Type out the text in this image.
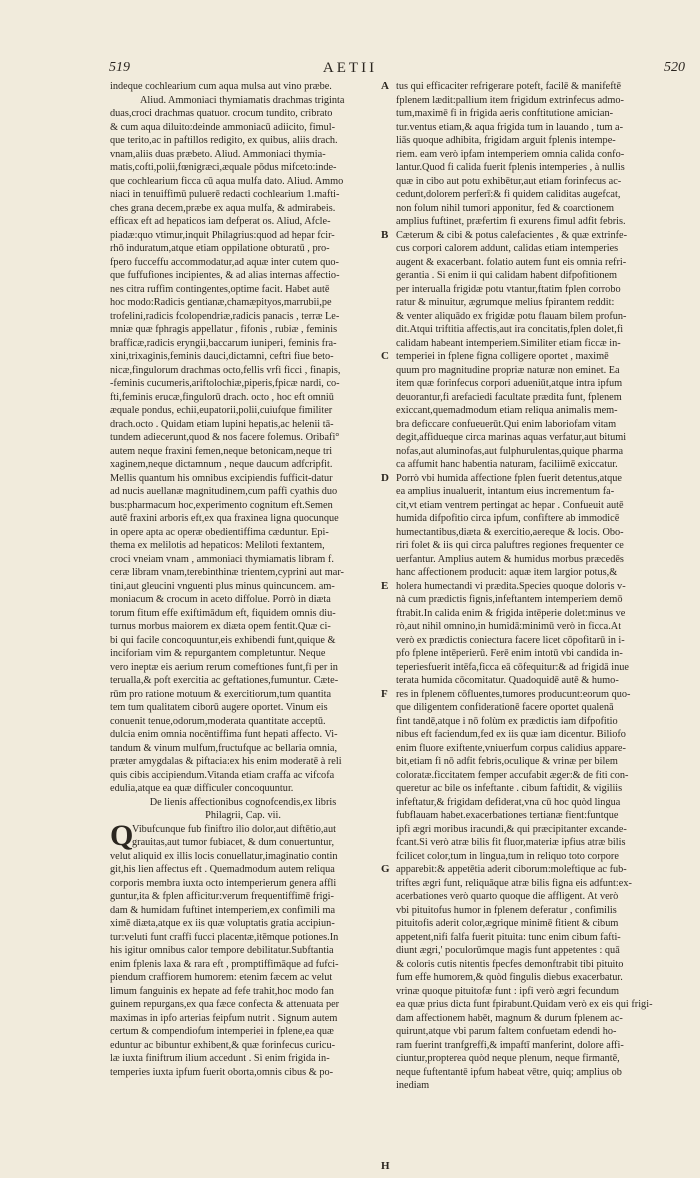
519	AETII	520
indeque cochlearium cum aqua mulsa aut vino præbe.
Aliud. Ammoniaci thymiamatis drachmas triginta
duas,croci drachmas quatuor. crocum tundito, cribrato
& cum aqua diluito:deinde ammoniacū adiicito, fimul-
que terito,ac in paftillos redigito, ex quibus, aliis drach.
vnam,aliis duas præbeto. Aliud. Ammoniaci thymia-
matis,cofti,polii,fœnigræci,æquale pōdus mifceto:inde-
que cochlearium ficca cū aqua mulfa dato. Aliud. Ammo
niaci in tenuiffimū puluerē redacti cochlearium 1.mafti-
ches grana decem,præbe ex aqua mulfa, & admirabeis.
efficax eft ad hepaticos iam defperat os. Aliud, Afcle-
piadæ:quo vtimur,inquit Philagrius:quod ad hepar fcir-
rhō induratum,atque etiam oppilatione obturatū , pro-
fpero fucceffu accommodatur,ad aquæ inter cutem quo-
que fuffufiones incipientes, & ad alias internas affectio-
nes citra ruffim contingentes,optime facit. Habet autē
hoc modo:Radicis gentianæ,chamæpityos,marrubii,pe
trofelini,radicis fcolopendriæ,radicis panacis , terræ Le-
mniæ quæ fphragis appellatur , fifonis , rubiæ , feminis
brafficæ,radicis eryngii,baccarum iuniperi, feminis fra-
xini,trixaginis,feminis dauci,dictamni, ceftri fiue beto-
nicæ,fingulorum drachmas octo,fellis vrfi ficci , finapis,
-feminis cucumeris,ariftolochiæ,piperis,fpicæ nardi, co-
fti,feminis erucæ,fingulorū drach. octo , hoc eft omniū
æquale pondus, echii,eupatorii,polii,cuiufque fimiliter
drach.octo . Quidam etiam lupini hepatis,ac helenii tā-
tundem adiecerunt,quod & nos facere folemus. Oribafi°
autem neque fraxini femen,neque betonicam,neque tri
xaginem,neque dictamnum , neque daucum adfcripfit.
Mellis quantum his omnibus excipiendis fufficit-datur
ad nucis auellanæ magnitudinem,cum paffi cyathis duo
bus:pharmacum hoc,experimento cognitum eft.Semen
autē fraxini arboris eft,ex qua fraxinea ligna quocunque
in opere apta ac operæ obedientiffima cæduntur. Epi-
thema ex melilotis ad hepaticos: Meliloti fextantem,
croci vneiam vnam , ammoniaci thymiamatis libram f.
ceræ libram vnam,terebinthinæ trientem,cyprini aut mar-
tini,aut gleucini vnguenti plus minus quincuncem. am-
moniacum & crocum in aceto diffolue. Porrò in diæta
torum fitum effe exiftimādum eft, fiquidem omnis diu-
turnus morbus maiorem ex diæta opem fentit.Quæ ci-
bi qui facile concoquuntur,eis exhibendi funt,quique &
inciforiam vim & repurgantem completuntur. Neque
vero ineptæ eis aerium rerum comeftiones funt,fi per in
terualla,& poft exercitia ac geftationes,fumuntur. Cæte-
rūm pro ratione motuum & exercitiorum,tum quantita
tem tum qualitatem ciborū augere oportet. Vinum eis
conuenit tenue,odorum,moderata quantitate acceptū.
dulcia enim omnia nocēntiffima funt hepati affecto. Vi-
tandum & vinum mulfum,fructufque ac bellaria omnia,
præter amygdalas & piftacia:ex his enim moderatē à reli
quis cibis accipiendum.Vitanda etiam craffa ac vifcofa
edulia,atque ea quæ difficuler concoquuntur.
De lienis affectionibus cognofcendis,ex libris
Philagrii, Cap. vii.
Vibufcunque fub finiftro ilio dolor,aut diftētio,aut
grauitas,aut tumor fubiacet, & dum conuertuntur,
velut aliquid ex illis locis conuellatur,imaginatio contin
git,his lien affectus eft . Quemadmodum autem reliqua
corporis membra iuxta octo intemperierum genera affli
guntur,ita & fplen afficitur:verum frequentiffimē frigi-
dam & humidam fuftinet intemperiem,ex confimili ma
ximē diæta,atque ex iis quæ voluptatis gratia accipiun-
tur:veluti funt craffi fucci placentæ,itēmque potiones.In
his igitur omnibus calor tempore debilitatur.Subftantia
enim fplenis laxa & rara eft , promptiffimāque ad fufci-
piendum craffiorem humorem: etenim fæcem ac velut
limum fanguinis ex hepate ad fefe trahit,hoc modo fan
guinem repurgans,ex qua fæce confecta & attenuata per
maximas in ipfo arterias feipfum nutrit . Signum autem
certum & compendiofum intemperiei in fplene,ea quæ
eduntur ac bibuntur exhibent,& quæ forinfecus curicu-
læ iuxta finiftrum ilium accedunt . Si enim frigida in-
temperies iuxta ipfum fuerit oborta,omnis cibus & po-
tus qui efficaciter refrigerare poteft, facilē & manifeftē
fplenem lædit:pallium item frigidum extrinfecus admo-
tum,maximē fi in frigida aeris conftitutione amician-
tur.ventus etiam,& aqua frigida tum in lauando , tum a-
liās quoque adhibita, frigidam arguit fplenis intempe-
riem. eam verò ipfam intemperiem omnia calida confo-
lantur.Quod fi calida fuerit fplenis intemperies , à nullis
quæ in cibo aut potu exhibētur,aut etiam forinfecus ac-
cedunt,dolorem perferī:& fi quidem caliditas augefcat,
non folum nihil tumori apponitur, fed & coarctionem
amplius fuftinet, præfertim fi exurens fimul adfit febris.
Cæterum & cibi & potus calefacientes , & quæ extrinfe-
cus corpori calorem addunt, calidas etiam intemperies
augent & exacerbant. folatio autem funt eis omnia refri-
gerantia . Si enim ii qui calidam habent difpofitionem
per interualla frigidæ potu vtantur,ftatim fplen corrobo
ratur & minuitur, ægrumque melius fpirantem reddit:
& venter aliquādo ex frigidæ potu flauam bilem profun-
dit.Atqui triftitia affectis,aut ira concitatis,fplen dolet,fi
calidam habeant intemperiem.Similiter etiam ficcæ in-
temperiei in fplene figna colligere oportet , maximē
quum pro magnitudine propriæ naturæ non eminet. Ea
item quæ forinfecus corpori adueniūt,atque intra ipfum
deuorantur,fi arefaciedi facultate prædita funt, fplenem
exiccant,quemadmodum etiam reliqua animalis mem-
bra deficcare confueuerūt.Qui enim laboriofam vitam
degit,affidueque circa marinas aquas verfatur,aut bitumi
nofas,aut aluminofas,aut fulphurulentas,quique pharma
ca affumit hanc habentia naturam, faciliimē exiccatur.
Porrò vbi humida affectione fplen fuerit detentus,atque
ea amplius inualuerit, intantum eius incrementum fa-
cit,vt etiam ventrem pertingat ac hepar . Confueuit autē
humida difpofitio circa ipfum, confiftere ab immodicē
humectantibus,diæta & exercitio,aereque & locis. Obo-
riri folet & iis qui circa paluftres regiones frequenter ce
uerfantur. Amplius autem & humidus morbus præcedēs
hanc affectionem producit: aquæ item largior potus,&
holera humectandi vi prædita.Species quoque doloris v-
nà cum prædictis fignis,infeftantem intemperiem demō
ftrabit.In calida enim & frigida intēperie dolet:minus ve
rò,aut nihil omnino,in humidā:minimū verò in ficca.At
verò ex prædictis coniectura facere licet cōpofitarū in i-
pfo fplene intēperierū. Ferē enim intotū vbi candida in-
teperiesfuerit intēfa,ficca eā cōfequitur:& ad frigidā inue
terata humida cōcomitatur. Quadoquidē autē & humo-
res in fplenem cōfluentes,tumores producunt:eorum quo-
que diligentem confiderationē facere oportet qualenā
fint tandē,atque i nō folùm ex prædictis iam difpofitio
nibus eft faciendum,fed ex iis quæ iam dicentur. Biliofo
enim fluore exiftente,vniuerfum corpus calidius appare-
bit,etiam fi nō adfit febris,oculique & vrinæ per bilem
coloratæ.ficcitatem femper accufabit æger:& de fiti con-
queretur ac bile os infeftante . cibum faftidit, & vigiliis
infeftatur,& frigidam defiderat,vna cū hoc quòd lingua
fubflauam habet.exacerbationes tertianæ fient:funtque
ipfi ægri moribus iracundi,& qui præcipitanter excande-
fcant.Si verò atræ bilis fit fluor,materiæ ipfius atræ bilis
fcilicet color,tum in lingua,tum in reliquo toto corpore
apparebit:& appetētia aderit ciborum:moleftique ac fub-
triftes ægri funt, reliquāque atræ bilis figna eis adfunt:ex-
acerbationes verò quarto quoque die affligent. At verò
vbi pituitofus humor in fplenem deferatur , confimilis
pituitofis aderit color,ægrique minimē fitient & cibum
appetent,nifi falfa fuerit pituita: tunc enim cibum fafti-
diunt ægri,' poculorūmque magis funt appetentes : quā
& coloris cutis nitentis fpecfes demonftrabit tibi pituito
fum effe humorem,& quòd fingulis diebus exacerbatur.
vrinæ quoque pituitofæ funt : ipfi verò ægri fecundum
ea quæ prius dicta funt fpirabunt.Quidam verò ex eis qui frigi-
dam affectionem habēt, magnum & durum fplenem ac-
quirunt,atque vbi parum faltem confuetam edendi ho-
ram fuerint tranfgreffi,& impaftī manferint, dolore affi-
ciuntur,propterea quòd neque plenum, neque firmantē,
neque fuftentantē ipfum habeat vētre, quiq; amplius ob
inediam
A
B
C
D
E
F
G
H
Q
